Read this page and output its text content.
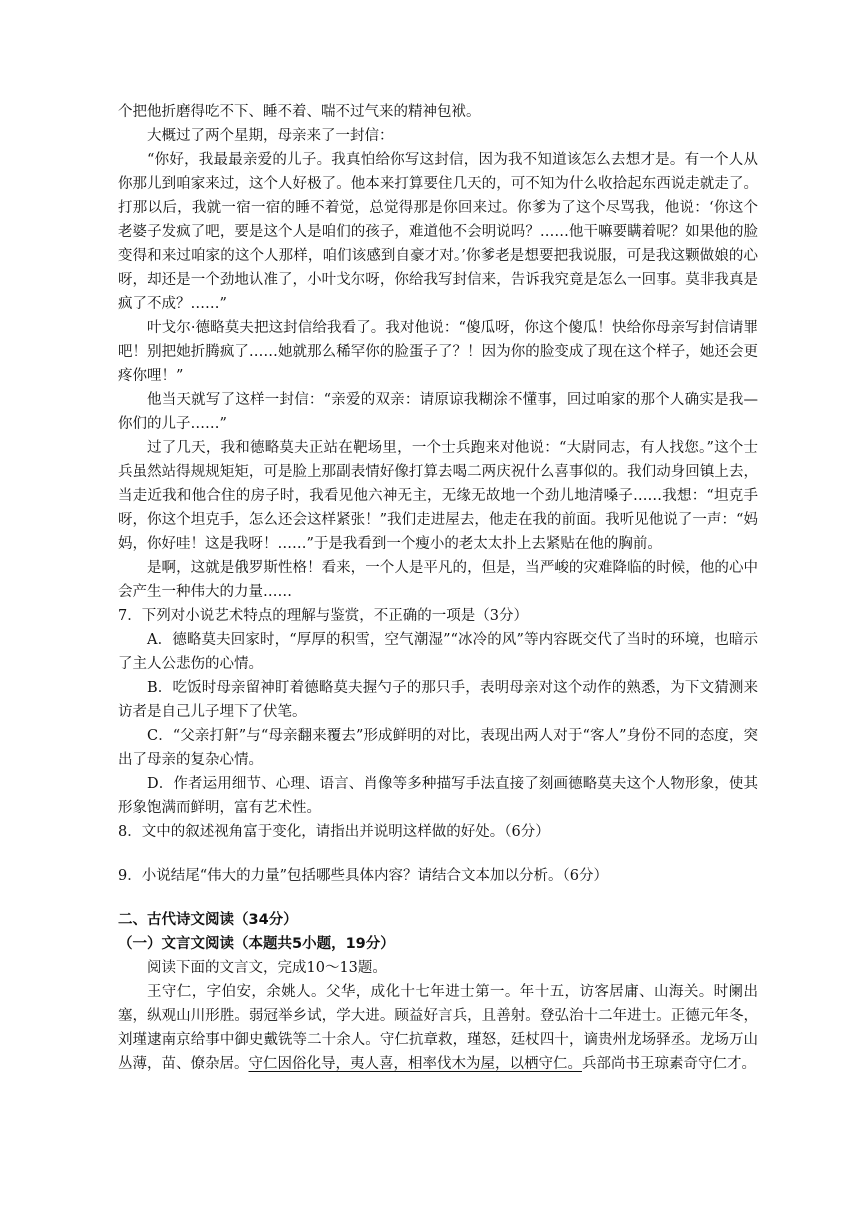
个把他折磨得吃不下、睡不着、喘不过气来的精神包袱。

大概过了两个星期，母亲来了一封信：

“你好，我最最亲爱的儿子。我真怕给你写这封信，因为我不知道该怎么去想才是。有一个人从你那儿到咱家来过，这个人好极了。他本来打算要住几天的，可不知为什么收拾起东西说走就走了。打那以后，我就一宿一宿的睡不着觉，总觉得那是你回来过。你爹为了这个尽骂我，他说：‘你这个老婆子发疯了吧，要是这个人是咱们的孩子，难道他不会明说吗？……他干嘛要瞒着呢？如果他的脸变得和来过咱家的这个人那样，咱们该感到自豪才对。’你爹老是想要把我说服，可是我这颗做娘的心呀，却还是一个劲地认准了，小叶戈尔呀，你给我写封信来，告诉我究竟是怎么一回事。莫非我真是疯了不成？……”

叶戈尔·德略莫夫把这封信给我看了。我对他说：“傻瓜呀，你这个傻瓜！快给你母亲写封信请罪吧！别把她折腾疯了……她就那么稀罕你的脸蛋子了？！因为你的脸变成了现在这个样子，她还会更疼你哩！”

他当天就写了这样一封信：“亲爱的双亲：请原谅我糊涂不懂事，回过咱家的那个人确实是我—你们的儿子……”

过了几天，我和德略莫夫正站在靶场里，一个士兵跑来对他说：“大尉同志，有人找您。”这个士兵虽然站得规规矩矩，可是脸上那副表情好像打算去喝二两庆祝什么喜事似的。我们动身回镇上去，当走近我和他合住的房子时，我看见他六神无主，无缘无故地一个劲儿地清嗓子……我想：“坦克手呀，你这个坦克手，怎么还会这样紧张！”我们走进屋去，他走在我的前面。我听见他说了一声：“妈妈，你好哇！这是我呀！……”于是我看到一个瘦小的老太太扑上去紧贴在他的胸前。

是啊，这就是俄罗斯性格！看来，一个人是平凡的，但是，当严峻的灾难降临的时候，他的心中会产生一种伟大的力量……

7．下列对小说艺术特点的理解与鉴赏，不正确的一项是（3分）

A．德略莫夫回家时，“厚厚的积雪，空气潮湿”“冰冷的风”等内容既交代了当时的环境，也暗示了主人公悲伤的心情。

B．吃饭时母亲留神盯着德略莫夫握勺子的那只手，表明母亲对这个动作的熟悉，为下文猜测来访者是自己儿子埋下了伏笔。

C．“父亲打鼾”与“母亲翻来覆去”形成鲜明的对比，表现出两人对于“客人”身份不同的态度，突出了母亲的复杂心情。

D．作者运用细节、心理、语言、肖像等多种描写手法直接了刻画德略莫夫这个人物形象，使其形象饱满而鲜明，富有艺术性。

8．文中的叙述视角富于变化，请指出并说明这样做的好处。（6分）

9．小说结尾“伟大的力量”包括哪些具体内容？请结合文本加以分析。（6分）

二、古代诗文阅读（34分）

（一）文言文阅读（本题共5小题，19分）

阅读下面的文言文，完成10～13题。

王守仁，字伯安，余姚人。父华，成化十七年进士第一。年十五，访客居庸、山海关。时阑出塞，纵观山川形胜。弱冠举乡试，学大进。顾益好言兵，且善射。登弘治十二年进士。正德元年冬，刘瑾逮南京给事中御史戴铣等二十余人。守仁抗章救，瑾怒，廷杖四十，谪贵州龙场驿丞。龙场万山丛薄，苗、僚杂居。守仁因俗化导，夷人喜，相率伐木为屋，以栖守仁。兵部尚书王琼素奇守仁才。
